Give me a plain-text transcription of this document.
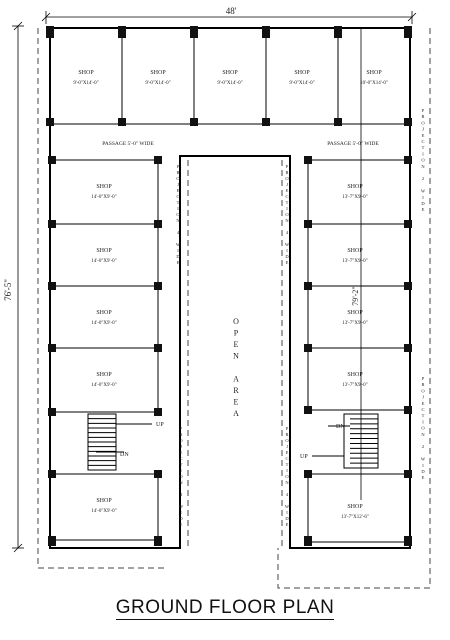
48'
76'-5"
SHOP
9'-0"X14'-0"
SHOP
9'-0"X14'-0"
SHOP
9'-0"X14'-0"
SHOP
9'-0"X14'-0"
SHOP
10'-0"X14'-0"
PASSAGE 5'-0" WIDE	PASSAGE 5'-0" WIDE
SHOP
14'-0"X9'-0"
SHOP
14'-0"X9'-0"
SHOP
14'-0"X9'-0"
SHOP
14'-0"X9'-0"
SHOP
14'-0"X9'-0"
UP
DN
SHOP
13'-7"X9'-0"
SHOP
13'-7"X9'-0"
SHOP
13'-7"X9'-0"
SHOP
13'-7"X9'-0"
SHOP
13'-7"X12'-6"
UP
DN
79'-2"
O
P
E
N
A
R
E
A
P
R
O
J
E
C
T
I
O
N
4
W
I
D
E
P
R
O
J
E
C
T
I
O
N
4
W
I
D
E
P
R
O
J
E
C
T
I
O
N
4
W
I
D
E
P
R
O
J
E
C
T
I
O
N
4
W
I
D
E
P
R
O
J
E
C
T
I
O
N
2
W
I
D
E
P
R
O
J
E
C
T
I
O
N
2
W
I
D
E
GROUND FLOOR PLAN
